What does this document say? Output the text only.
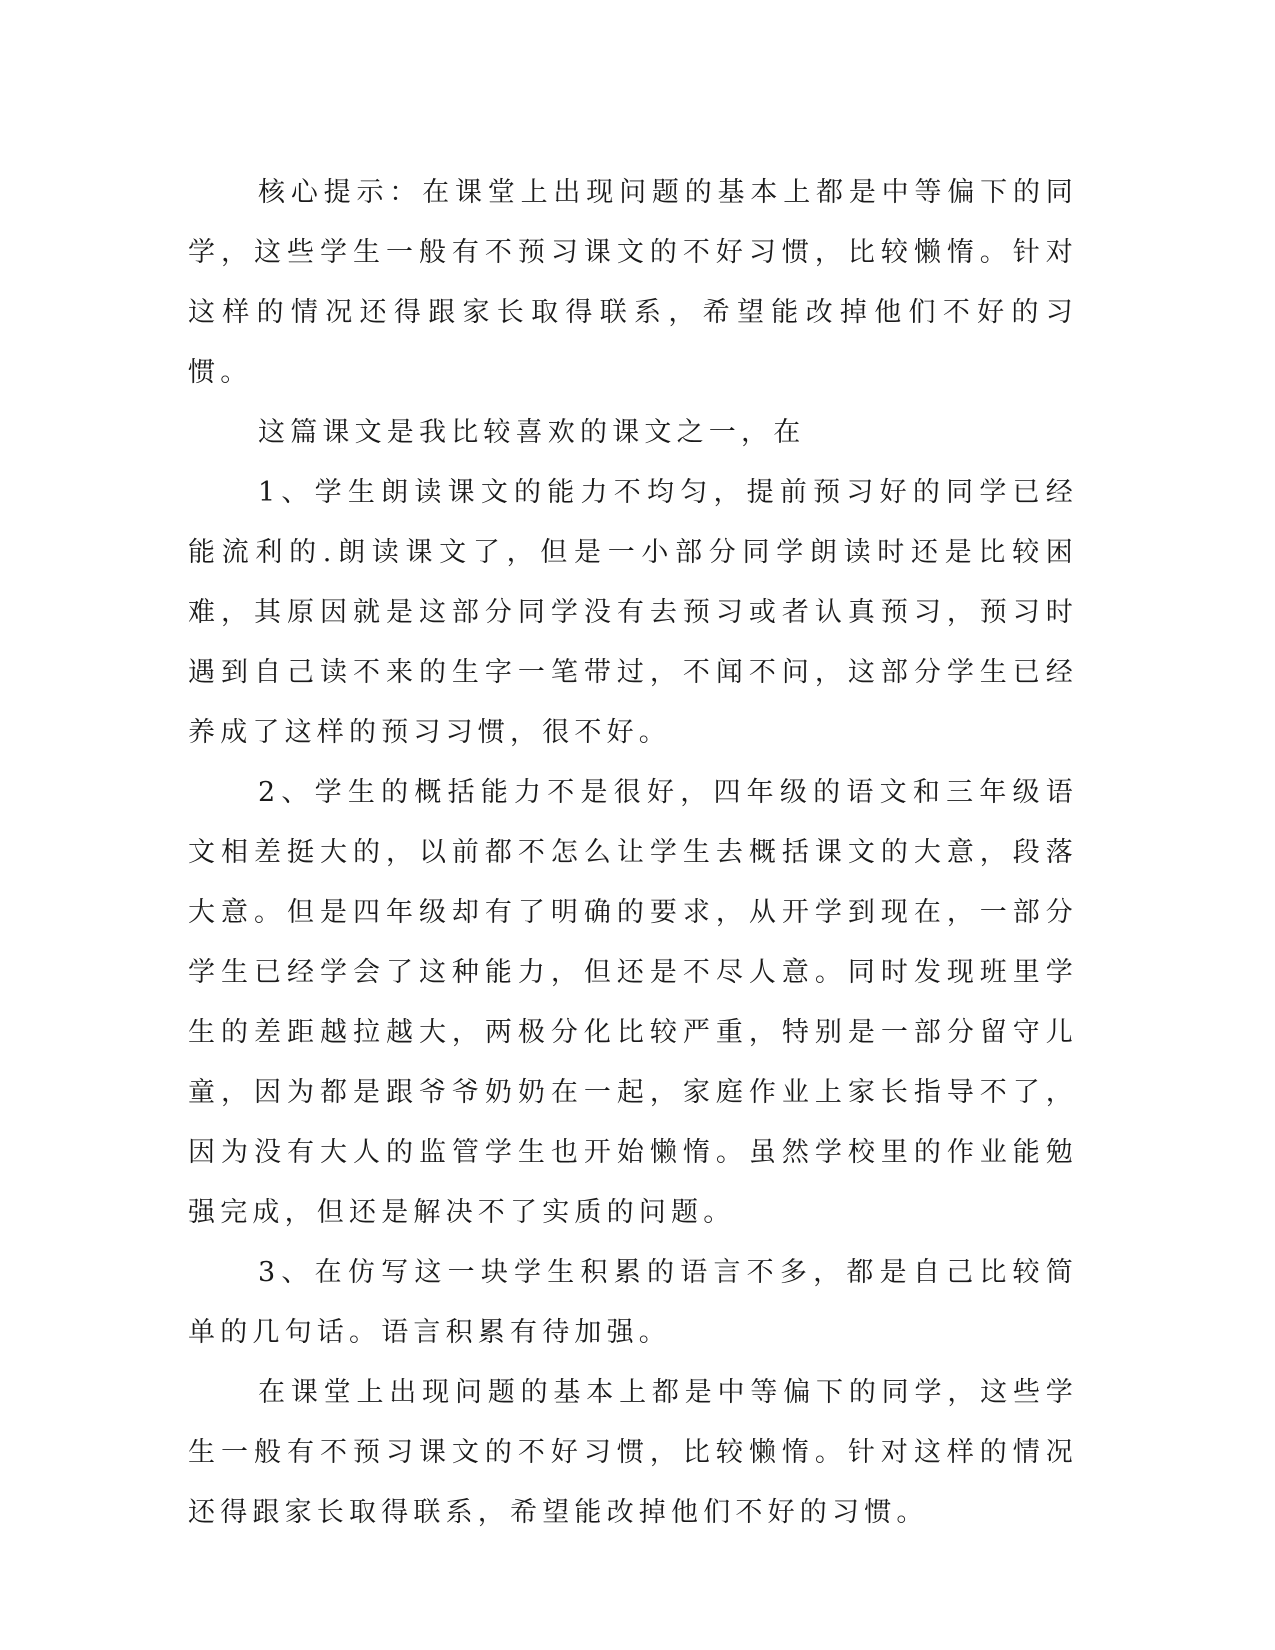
核心提示：在课堂上出现问题的基本上都是中等偏下的同学，这些学生一般有不预习课文的不好习惯，比较懒惰。针对这样的情况还得跟家长取得联系，希望能改掉他们不好的习惯。

这篇课文是我比较喜欢的课文之一，在

1、学生朗读课文的能力不均匀，提前预习好的同学已经能流利的.朗读课文了，但是一小部分同学朗读时还是比较困难，其原因就是这部分同学没有去预习或者认真预习，预习时遇到自己读不来的生字一笔带过，不闻不问，这部分学生已经养成了这样的预习习惯，很不好。

2、学生的概括能力不是很好，四年级的语文和三年级语文相差挺大的，以前都不怎么让学生去概括课文的大意，段落大意。但是四年级却有了明确的要求，从开学到现在，一部分学生已经学会了这种能力，但还是不尽人意。同时发现班里学生的差距越拉越大，两极分化比较严重，特别是一部分留守儿童，因为都是跟爷爷奶奶在一起，家庭作业上家长指导不了，因为没有大人的监管学生也开始懒惰。虽然学校里的作业能勉强完成，但还是解决不了实质的问题。

3、在仿写这一块学生积累的语言不多，都是自己比较简单的几句话。语言积累有待加强。

在课堂上出现问题的基本上都是中等偏下的同学，这些学生一般有不预习课文的不好习惯，比较懒惰。针对这样的情况还得跟家长取得联系，希望能改掉他们不好的习惯。
